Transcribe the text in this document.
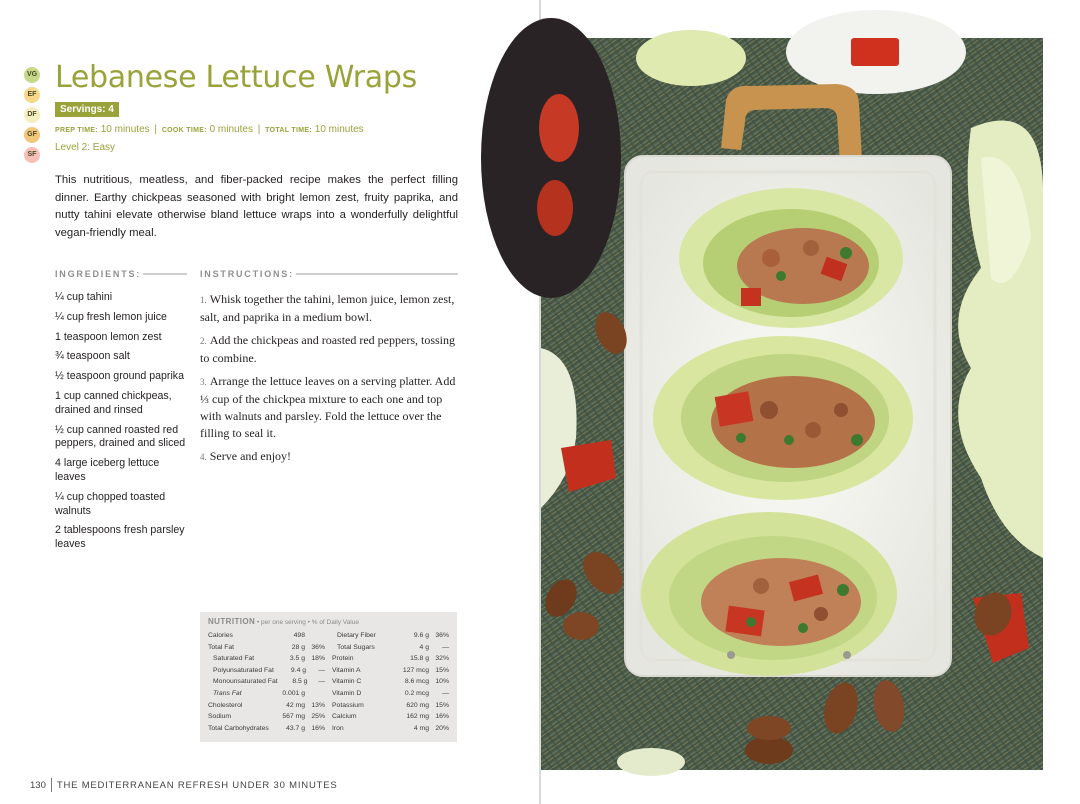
VG
EF
DF
GF
SF
Lebanese Lettuce Wraps
Servings: 4
PREP TIME: 10 minutes | COOK TIME: 0 minutes | TOTAL TIME: 10 minutes
Level 2: Easy

This nutritious, meatless, and fiber-packed recipe makes the perfect filling dinner. Earthy chickpeas seasoned with bright lemon zest, fruity paprika, and nutty tahini elevate otherwise bland lettuce wraps into a wonderfully delightful vegan-friendly meal.

INGREDIENTS:	INSTRUCTIONS:
¼ cup tahini
¼ cup fresh lemon juice
1 teaspoon lemon zest
¾ teaspoon salt
½ teaspoon ground paprika
1 cup canned chickpeas, drained and rinsed
½ cup canned roasted red peppers, drained and sliced
4 large iceberg lettuce leaves
¼ cup chopped toasted walnuts
2 tablespoons fresh parsley leaves
1. Whisk together the tahini, lemon juice, lemon zest, salt, and paprika in a medium bowl.
2. Add the chickpeas and roasted red peppers, tossing to combine.
3. Arrange the lettuce leaves on a serving platter. Add ⅓ cup of the chickpea mixture to each one and top with walnuts and parsley. Fold the lettuce over the filling to seal it.
4. Serve and enjoy!
NUTRITION • per one serving • % of Daily Value
Calories	498
Total Fat	28 g 36%
Saturated Fat	3.5 g 18%
Polyunsaturated Fat	9.4 g	—
Monounsaturated Fat	8.5 g	—
Trans Fat	0.001 g
Cholesterol	42 mg 13%
Sodium	567 mg 25%
Total Carbohydrates	43.7 g 16%
Dietary Fiber	9.6 g 36%
Total Sugars	4 g	—
Protein	15.8 g 32%
Vitamin A	127 mcg 15%
Vitamin C	8.6 mcg 10%
Vitamin D	0.2 mcg	—
Potassium	620 mg 15%
Calcium	162 mg 16%
Iron	4 mg 20%
130 THE MEDITERRANEAN REFRESH UNDER 30 MINUTES
